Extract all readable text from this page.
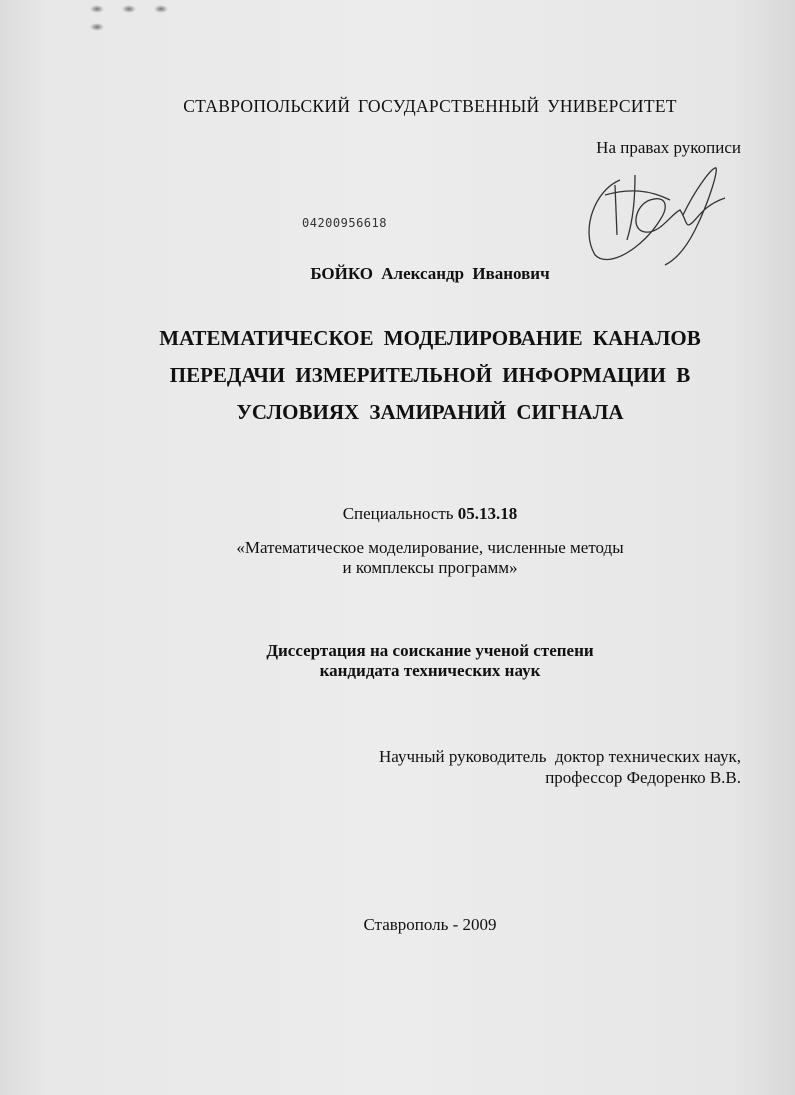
СТАВРОПОЛЬСКИЙ ГОСУДАРСТВЕННЫЙ УНИВЕРСИТЕТ
На правах рукописи
04200956618
БОЙКО Александр Иванович
МАТЕМАТИЧЕСКОЕ МОДЕЛИРОВАНИЕ КАНАЛОВ
ПЕРЕДАЧИ ИЗМЕРИТЕЛЬНОЙ ИНФОРМАЦИИ В
УСЛОВИЯХ ЗАМИРАНИЙ СИГНАЛА
Специальность 05.13.18
«Математическое моделирование, численные методы
и комплексы программ»
Диссертация на соискание ученой степени
кандидата технических наук
Научный руководитель  доктор технических наук,
профессор Федоренко В.В.
Ставрополь - 2009
